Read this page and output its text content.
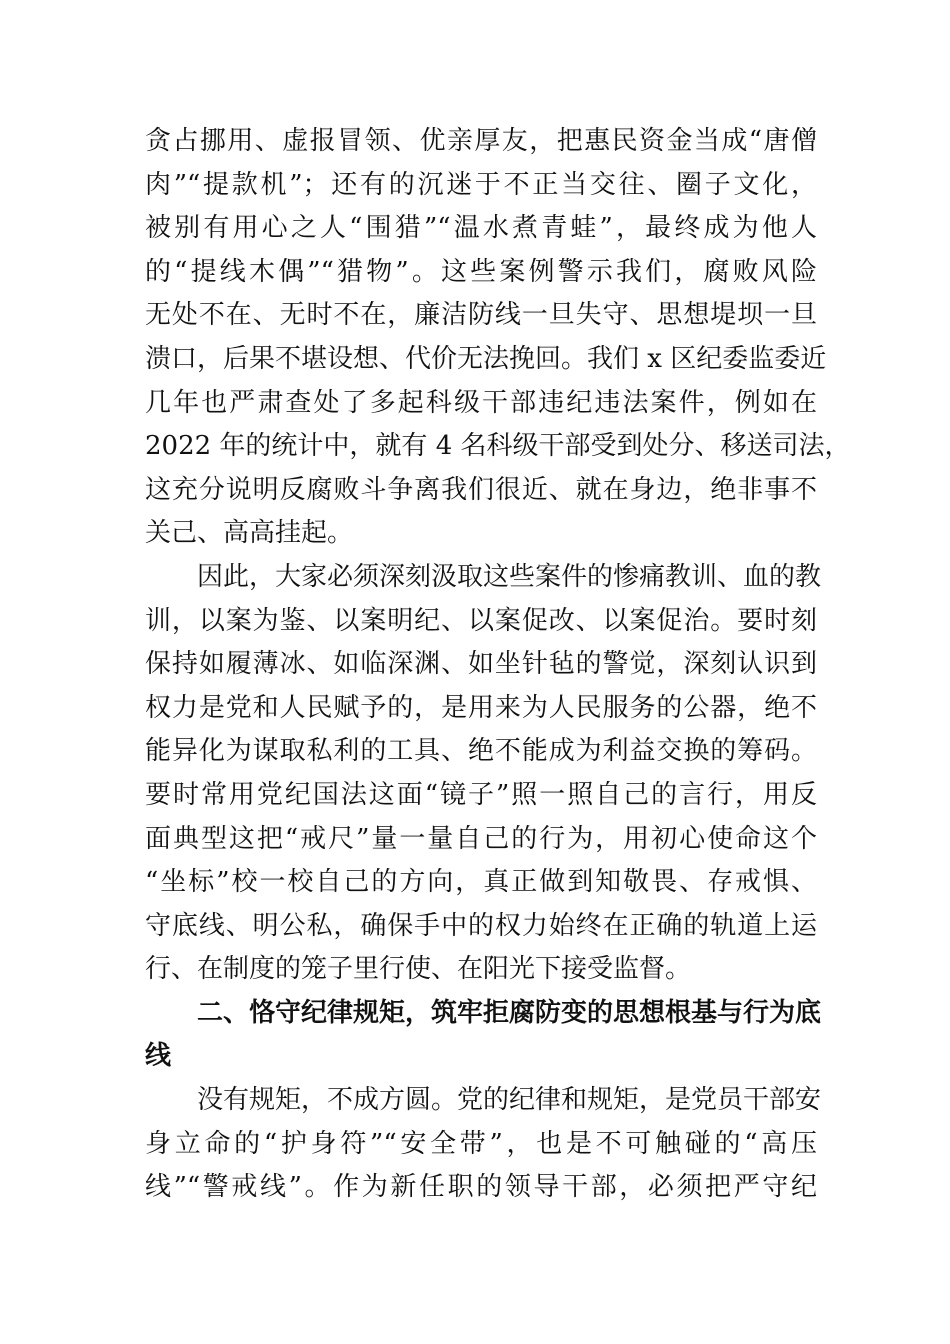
贪占挪用、虚报冒领、优亲厚友，把惠民资金当成“唐僧
肉”“提款机”；还有的沉迷于不正当交往、圈子文化，
被别有用心之人“围猎”“温水煮青蛙”，最终成为他人
的“提线木偶”“猎物”。这些案例警示我们，腐败风险
无处不在、无时不在，廉洁防线一旦失守、思想堤坝一旦
溃口，后果不堪设想、代价无法挽回。我们 x 区纪委监委近
几年也严肃查处了多起科级干部违纪违法案件，例如在
2022 年的统计中，就有 4 名科级干部受到处分、移送司法，
这充分说明反腐败斗争离我们很近、就在身边，绝非事不
关己、高高挂起。
　　因此，大家必须深刻汲取这些案件的惨痛教训、血的教
训，以案为鉴、以案明纪、以案促改、以案促治。要时刻
保持如履薄冰、如临深渊、如坐针毡的警觉，深刻认识到
权力是党和人民赋予的，是用来为人民服务的公器，绝不
能异化为谋取私利的工具、绝不能成为利益交换的筹码。
要时常用党纪国法这面“镜子”照一照自己的言行，用反
面典型这把“戒尺”量一量自己的行为，用初心使命这个
“坐标”校一校自己的方向，真正做到知敬畏、存戒惧、
守底线、明公私，确保手中的权力始终在正确的轨道上运
行、在制度的笼子里行使、在阳光下接受监督。
　　二、恪守纪律规矩，筑牢拒腐防变的思想根基与行为底
线
　　没有规矩，不成方圆。党的纪律和规矩，是党员干部安
身立命的“护身符”“安全带”，也是不可触碰的“高压
线”“警戒线”。作为新任职的领导干部，必须把严守纪
